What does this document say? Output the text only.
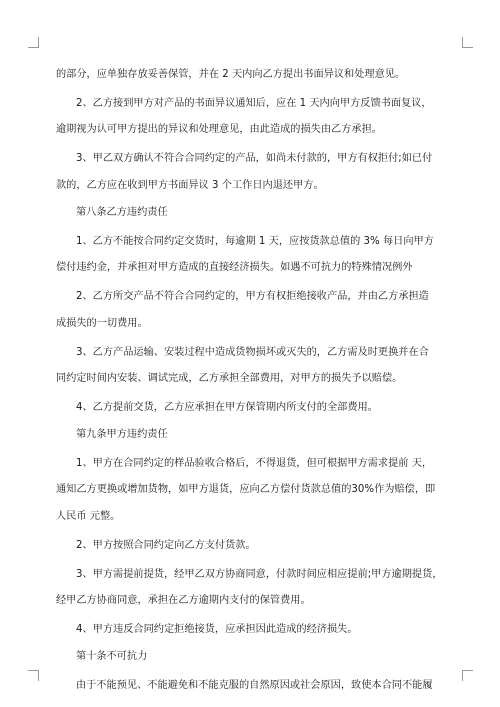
的部分，应单独存放妥善保管，并在 2 天内向乙方提出书面异议和处理意见。
2、乙方接到甲方对产品的书面异议通知后，应在 1 天内向甲方反馈书面复议，
逾期视为认可甲方提出的异议和处理意见，由此造成的损失由乙方承担。
3、甲乙双方确认不符合合同约定的产品，如尚未付款的，甲方有权拒付;如已付
款的，乙方应在收到甲方书面异议 3 个工作日内退还甲方。
第八条乙方违约责任
1、乙方不能按合同约定交货时，每逾期 1 天，应按货款总值的 3% 每日向甲方
偿付违约金，并承担对甲方造成的直接经济损失。如遇不可抗力的特殊情况例外
2、乙方所交产品不符合合同约定的，甲方有权拒绝接收产品，并由乙方承担造
成损失的一切费用。
3、乙方产品运输、安装过程中造成货物损坏或灭失的，乙方需及时更换并在合
同约定时间内安装、调试完成，乙方承担全部费用，对甲方的损失予以赔偿。
4、乙方提前交货，乙方应承担在甲方保管期内所支付的全部费用。
第九条甲方违约责任
1、甲方在合同约定的样品验收合格后，不得退货，但可根据甲方需求提前 天，
通知乙方更换或增加货物，如甲方退货，应向乙方偿付货款总值的30%作为赔偿，即
人民币 元整。
2、甲方按照合同约定向乙方支付货款。
3、甲方需提前提货，经甲乙双方协商同意，付款时间应相应提前;甲方逾期提货，
经甲乙方协商同意，承担在乙方逾期内支付的保管费用。
4、甲方违反合同约定拒绝接货，应承担因此造成的经济损失。
第十条不可抗力
由于不能预见、不能避免和不能克服的自然原因或社会原因，致使本合同不能履
